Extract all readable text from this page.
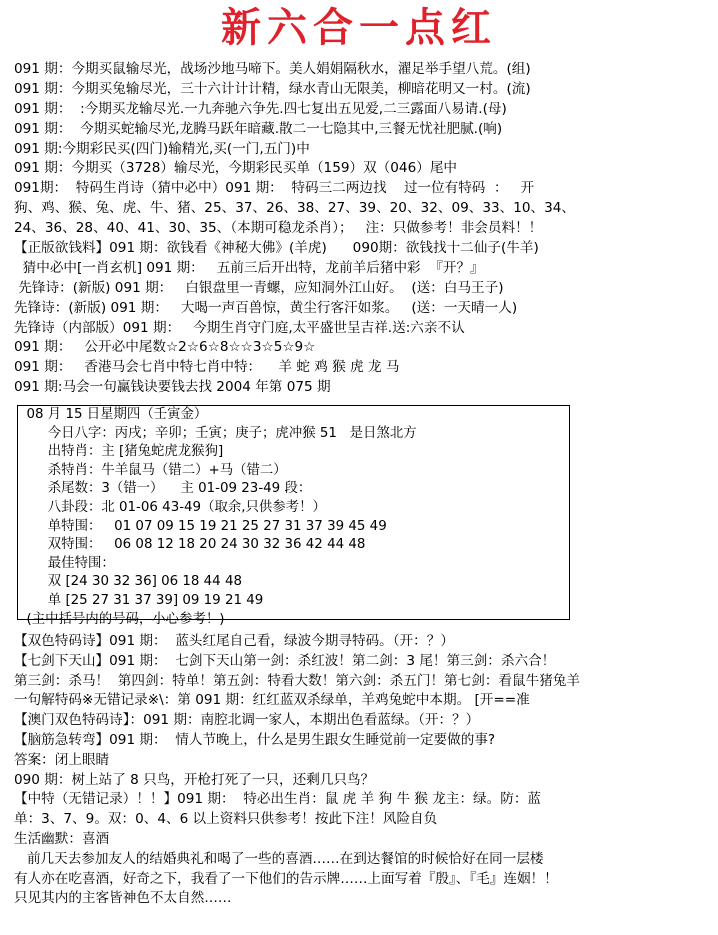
新六合一点红
091 期：今期买鼠输尽光，战场沙地马啼下。美人娟娟隔秋水，濯足举手望八荒。(组)
091 期：今期买兔输尽光，三十六计计计精，绿水青山无限美，柳暗花明又一村。(流)
091 期：  :今期买龙输尽光.一九奔驰六争先.四七复出五见爱,二三露面八易请.(母)
091 期：  今期买蛇输尽光,龙腾马跃年暗藏.散二一七隐其中,三餐无忧社肥腻.(响)
091 期:今期彩民买(四门)输精光,买(一门,五门)中
091 期：今期买（3728）输尽光，今期彩民买单（159）双（046）尾中
091期：  特码生肖诗（猜中必中）091 期：  特码三二两边找    过一位有特码  ：   开
狗、鸡、猴、兔、虎、牛、猪、25、37、26、38、27、39、20、32、09、33、10、34、
24、36、28、40、41、30、35、（本期可稳龙杀肖）；   注：只做参考！非会员料！！
【正版欲钱料】091 期：欲钱看《神秘大佛》(羊虎)      090期：欲钱找十二仙子(牛羊)
猜中必中[一肖玄机] 091 期：   五前三后开出特，龙前羊后猪中彩  『开？』
先锋诗：(新版) 091 期：   白银盘里一青螺，应知洞外江山好。  (送：白马王子)
先锋诗：(新版) 091 期：   大喝一声百兽惊，黄尘行客汗如浆。   (送：一天晴一人)
先锋诗（内部版）091 期：   今期生肖守门庭,太平盛世呈吉祥.送:六亲不认
091 期：   公开必中尾数☆2☆6☆8☆☆3☆5☆9☆
091 期：   香港马会七肖中特七肖中特：    羊 蛇 鸡 猴 虎 龙 马
091 期:马会一句赢钱诀要钱去找 2004 年第 075 期
08 月 15 日星期四（壬寅金）
今日八字：丙戌；辛卯；壬寅；庚子；虎冲猴 51   是日煞北方
出特肖：主 [猪兔蛇虎龙猴狗]
杀特肖：牛羊鼠马（错二）+马（错二）
杀尾数：3（错一）    主 01-09 23-49 段：
八卦段：北 01-06 43-49（取余,只供参考！）
单特围：   01 07 09 15 19 21 25 27 31 37 39 45 49
双特围：   06 08 12 18 20 24 30 32 36 42 44 48
最佳特围：
双 [24 30 32 36] 06 18 44 48
单 [25 27 31 37 39] 09 19 21 49
(主中括号内的号码，小心参考！)
【双色特码诗】091 期：  蓝头红尾自己看，绿波今期寻特码。（开：？）
【七剑下天山】091 期：  七剑下天山第一剑：杀红波！第二剑：3 尾！第三剑：杀六合！
第三剑：杀马！  第四剑：特单！第五剑：特看大数！第六剑：杀五门！第七剑：看鼠牛猪兔羊
一句解特码※无错记录※\：第 091 期：红红蓝双杀绿单，羊鸡兔蛇中本期。 [开==准
【澳门双色特码诗】：091 期：南腔北调一家人，本期出色看蓝绿。（开：？）
【脑筋急转弯】091 期：  情人节晚上，什么是男生跟女生睡觉前一定要做的事?
答案：闭上眼睛
090 期：树上站了 8 只鸟，开枪打死了一只，还剩几只鸟？
【中特（无错记录）！！】091 期：  特必出生肖：鼠 虎 羊 狗 牛 猴 龙主：绿。防：蓝
单：3、7、9。双：0、4、6 以上资料只供参考！按此下注！风险自负
生活幽默：喜酒
前几天去参加友人的结婚典礼和喝了一些的喜酒……在到达餐馆的时候恰好在同一层楼
有人亦在吃喜酒，好奇之下，我看了一下他们的告示牌……上面写着『殷』、『毛』连姻！！
只见其内的主客皆神色不太自然……
